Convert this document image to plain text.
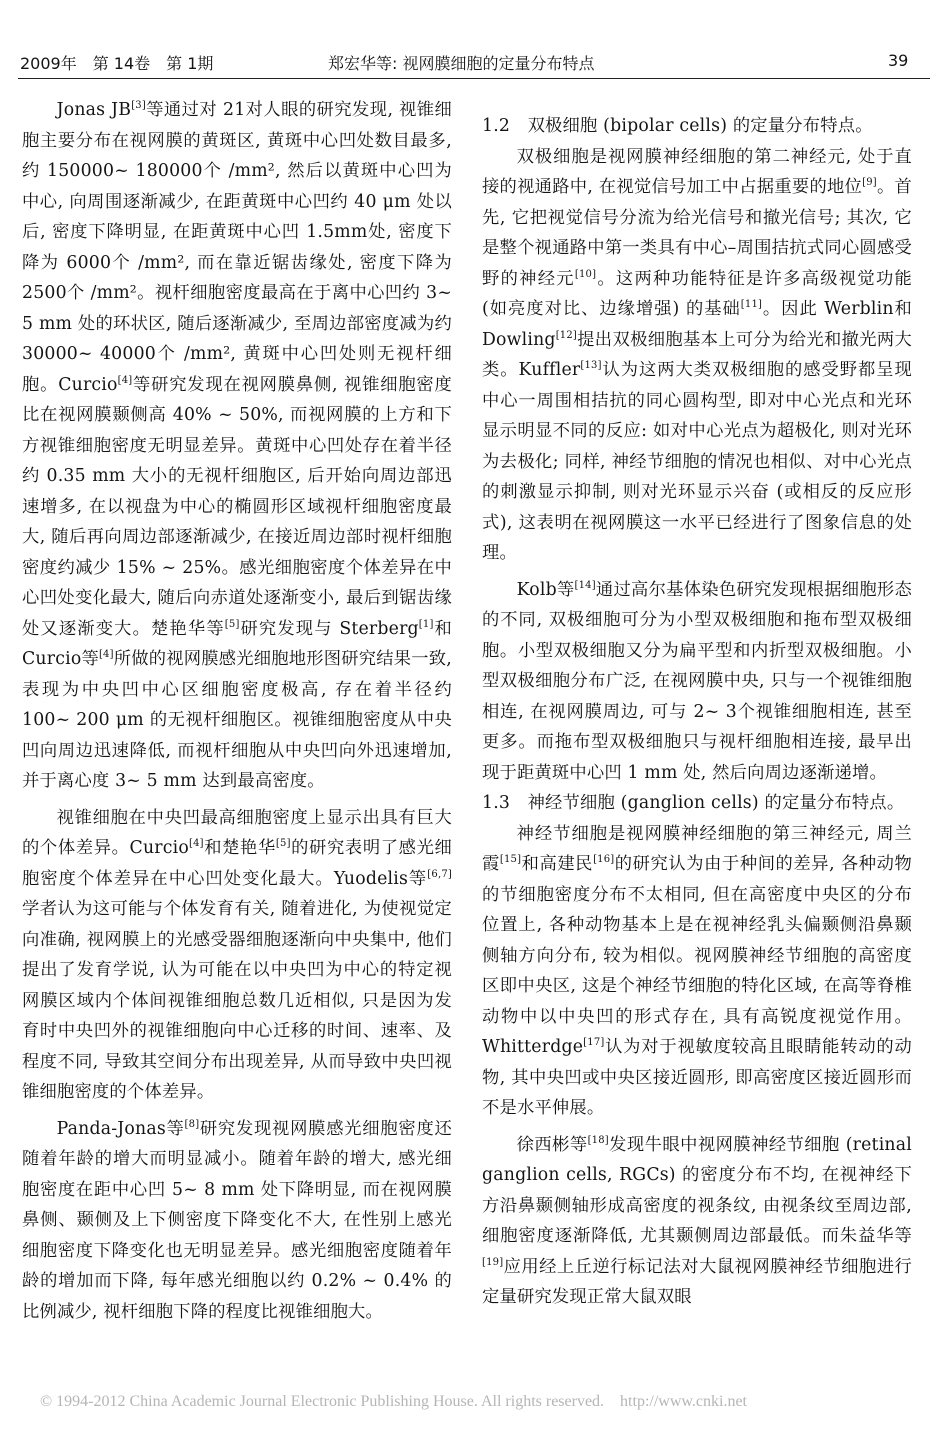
2009年　第 14卷　第 1期	郑宏华等: 视网膜细胞的定量分布特点	39

Jonas JB[3]等通过对 21对人眼的研究发现, 视锥细胞主要分布在视网膜的黄斑区, 黄斑中心凹处数目最多, 约 150000~ 180000个 /mm², 然后以黄斑中心凹为中心, 向周围逐渐减少, 在距黄斑中心凹约 40 μm 处以后, 密度下降明显, 在距黄斑中心凹 1.5mm处, 密度下降为 6000个 /mm², 而在靠近锯齿缘处, 密度下降为 2500个 /mm²。视杆细胞密度最高在于离中心凹约 3~ 5 mm 处的环状区, 随后逐渐减少, 至周边部密度减为约 30000~ 40000个 /mm², 黄斑中心凹处则无视杆细胞。Curcio[4]等研究发现在视网膜鼻侧, 视锥细胞密度比在视网膜颞侧高 40% ~ 50%, 而视网膜的上方和下方视锥细胞密度无明显差异。黄斑中心凹处存在着半径约 0.35 mm 大小的无视杆细胞区, 后开始向周边部迅速增多, 在以视盘为中心的椭圆形区域视杆细胞密度最大, 随后再向周边部逐渐减少, 在接近周边部时视杆细胞密度约减少 15% ~ 25%。感光细胞密度个体差异在中心凹处变化最大, 随后向赤道处逐渐变小, 最后到锯齿缘处又逐渐变大。楚艳华等[5]研究发现与 Sterberg[1]和 Curcio等[4]所做的视网膜感光细胞地形图研究结果一致, 表现为中央凹中心区细胞密度极高, 存在着半径约 100~ 200 μm 的无视杆细胞区。视锥细胞密度从中央凹向周边迅速降低, 而视杆细胞从中央凹向外迅速增加, 并于离心度 3~ 5 mm 达到最高密度。

视锥细胞在中央凹最高细胞密度上显示出具有巨大的个体差异。Curcio[4]和楚艳华[5]的研究表明了感光细胞密度个体差异在中心凹处变化最大。Yuodelis等[6,7]学者认为这可能与个体发育有关, 随着进化, 为使视觉定向准确, 视网膜上的光感受器细胞逐渐向中央集中, 他们提出了发育学说, 认为可能在以中央凹为中心的特定视网膜区域内个体间视锥细胞总数几近相似, 只是因为发育时中央凹外的视锥细胞向中心迁移的时间、速率、及程度不同, 导致其空间分布出现差异, 从而导致中央凹视锥细胞密度的个体差异。

Panda-Jonas等[8]研究发现视网膜感光细胞密度还随着年龄的增大而明显减小。随着年龄的增大, 感光细胞密度在距中心凹 5~ 8 mm 处下降明显, 而在视网膜鼻侧、颞侧及上下侧密度下降变化不大, 在性别上感光细胞密度下降变化也无明显差异。感光细胞密度随着年龄的增加而下降, 每年感光细胞以约 0.2% ~ 0.4% 的比例减少, 视杆细胞下降的程度比视锥细胞大。

1.2　双极细胞 (bipolar cells) 的定量分布特点。

双极细胞是视网膜神经细胞的第二神经元, 处于直接的视通路中, 在视觉信号加工中占据重要的地位[9]。首先, 它把视觉信号分流为给光信号和撤光信号; 其次, 它是整个视通路中第一类具有中心–周围拮抗式同心圆感受野的神经元[10]。这两种功能特征是许多高级视觉功能 (如亮度对比、边缘增强) 的基础[11]。因此 Werblin和 Dowling[12]提出双极细胞基本上可分为给光和撤光两大类。Kuffler[13]认为这两大类双极细胞的感受野都呈现中心一周围相拮抗的同心圆构型, 即对中心光点和光环显示明显不同的反应: 如对中心光点为超极化, 则对光环为去极化; 同样, 神经节细胞的情况也相似、对中心光点的刺激显示抑制, 则对光环显示兴奋 (或相反的反应形式), 这表明在视网膜这一水平已经进行了图象信息的处理。

Kolb等[14]通过高尔基体染色研究发现根据细胞形态的不同, 双极细胞可分为小型双极细胞和拖布型双极细胞。小型双极细胞又分为扁平型和内折型双极细胞。小型双极细胞分布广泛, 在视网膜中央, 只与一个视锥细胞相连, 在视网膜周边, 可与 2~ 3个视锥细胞相连, 甚至更多。而拖布型双极细胞只与视杆细胞相连接, 最早出现于距黄斑中心凹 1 mm 处, 然后向周边逐渐递增。

1.3　神经节细胞 (ganglion cells) 的定量分布特点。

神经节细胞是视网膜神经细胞的第三神经元, 周兰霞[15]和高建民[16]的研究认为由于种间的差异, 各种动物的节细胞密度分布不太相同, 但在高密度中央区的分布位置上, 各种动物基本上是在视神经乳头偏颞侧沿鼻颞侧轴方向分布, 较为相似。视网膜神经节细胞的高密度区即中央区, 这是个神经节细胞的特化区域, 在高等脊椎动物中以中央凹的形式存在, 具有高锐度视觉作用。Whitterdge[17]认为对于视敏度较高且眼睛能转动的动物, 其中央凹或中央区接近圆形, 即高密度区接近圆形而不是水平伸展。

徐西彬等[18]发现牛眼中视网膜神经节细胞 (retinal ganglion cells, RGCs) 的密度分布不均, 在视神经下方沿鼻颞侧轴形成高密度的视条纹, 由视条纹至周边部, 细胞密度逐渐降低, 尤其颞侧周边部最低。而朱益华等[19]应用经上丘逆行标记法对大鼠视网膜神经节细胞进行定量研究发现正常大鼠双眼

© 1994-2012 China Academic Journal Electronic Publishing House. All rights reserved.　http://www.cnki.net
